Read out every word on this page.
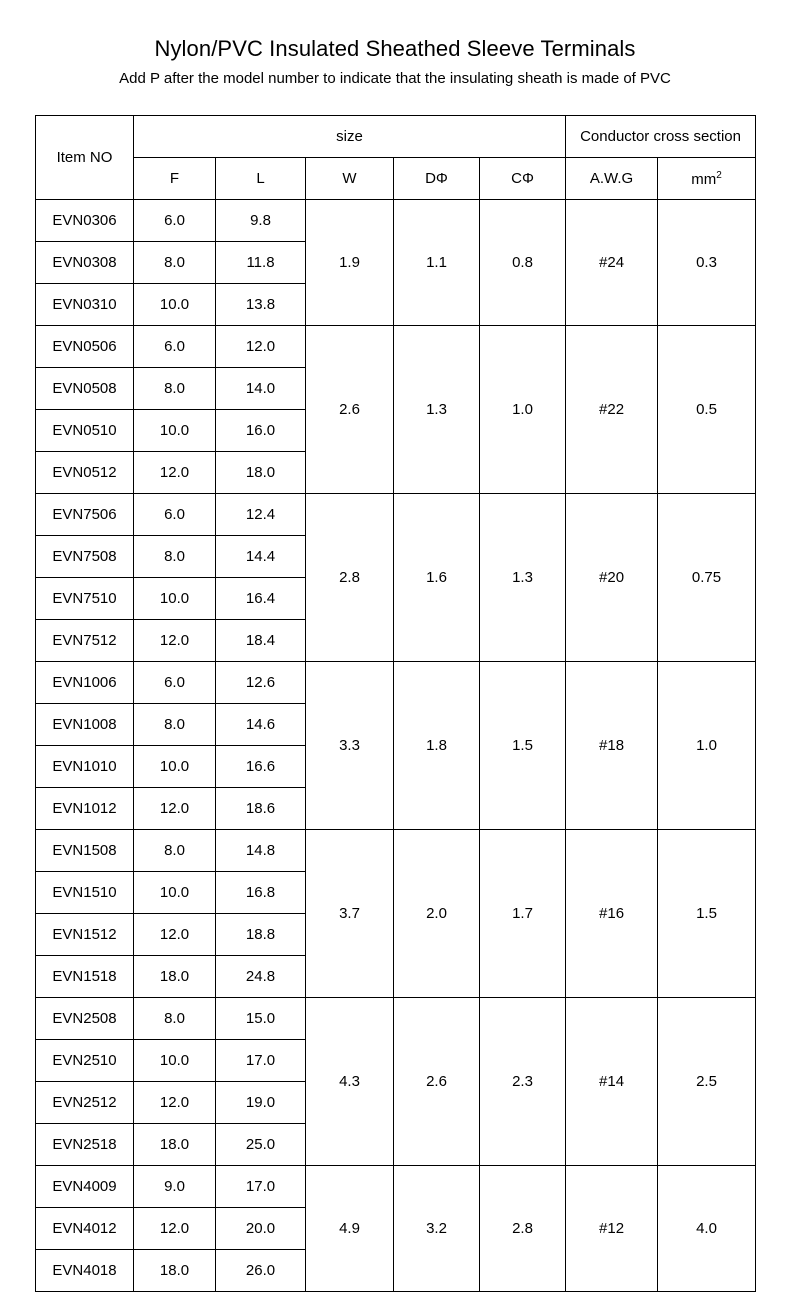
Nylon/PVC Insulated Sheathed Sleeve Terminals

Add P after the model number to indicate that the insulating sheath is made of PVC

Item NO	size					Conductor cross section	
	F	L	W	DΦ	CΦ	A.W.G	$mm^2$
EVN0306	6.0	9.8	1.9	1.1	0.8	#24	0.3
EVN0308	8.0	11.8					
EVN0310	10.0	13.8					
EVN0506	6.0	12.0	2.6	1.3	1.0	#22	0.5
EVN0508	8.0	14.0					
EVN0510	10.0	16.0					
EVN0512	12.0	18.0					
EVN7506	6.0	12.4	2.8	1.6	1.3	#20	0.75
EVN7508	8.0	14.4					
EVN7510	10.0	16.4					
EVN7512	12.0	18.4					
EVN1006	6.0	12.6	3.3	1.8	1.5	#18	1.0
EVN1008	8.0	14.6					
EVN1010	10.0	16.6					
EVN1012	12.0	18.6					
EVN1508	8.0	14.8	3.7	2.0	1.7	#16	1.5
EVN1510	10.0	16.8					
EVN1512	12.0	18.8					
EVN1518	18.0	24.8					
EVN2508	8.0	15.0	4.3	2.6	2.3	#14	2.5
EVN2510	10.0	17.0					
EVN2512	12.0	19.0					
EVN2518	18.0	25.0					
EVN4009	9.0	17.0	4.9	3.2	2.8	#12	4.0
EVN4012	12.0	20.0					
EVN4018	18.0	26.0					
